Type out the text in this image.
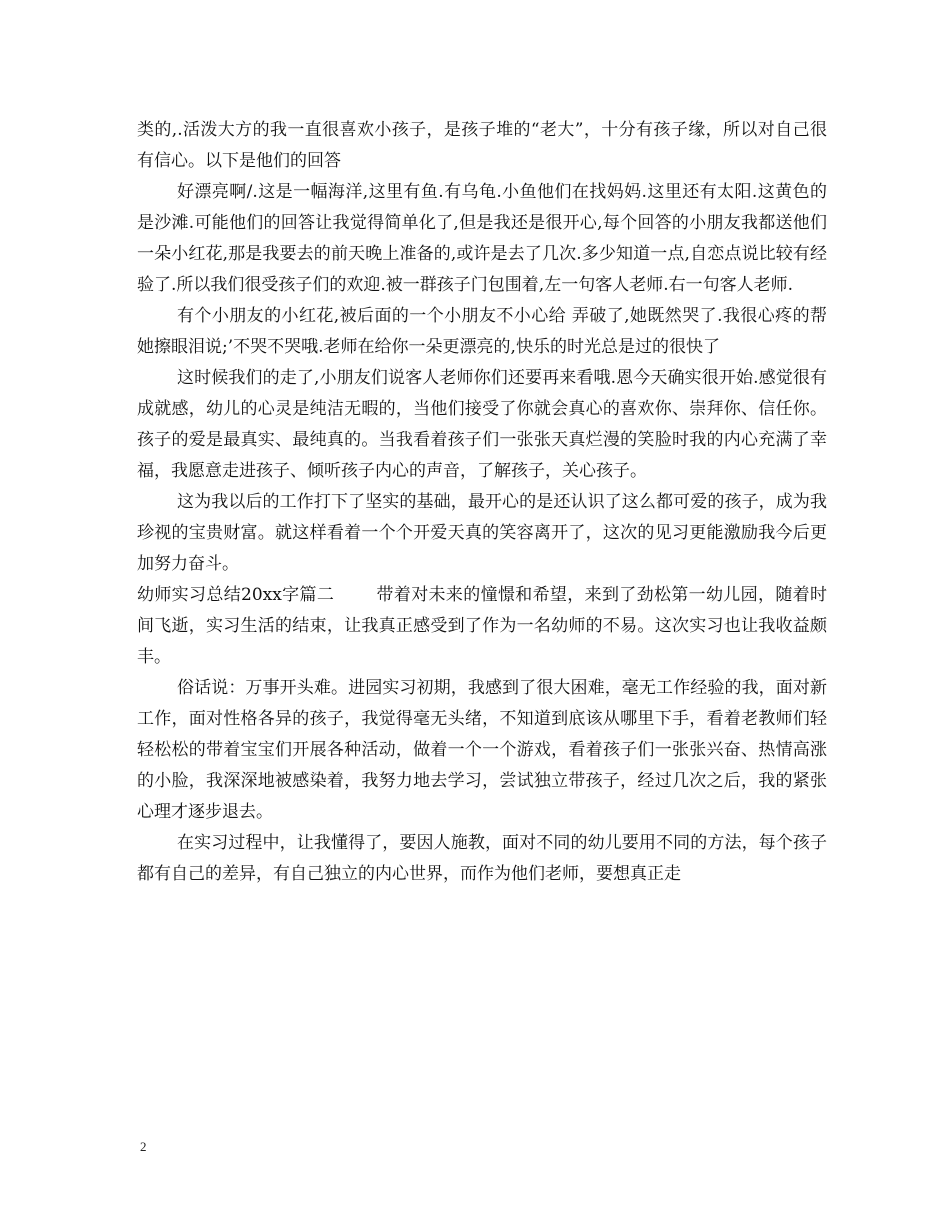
类的,.活泼大方的我一直很喜欢小孩子，是孩子堆的“老大”，十分有孩子缘，所以对自己很有信心。以下是他们的回答

好漂亮啊/.这是一幅海洋,这里有鱼.有乌龟.小鱼他们在找妈妈.这里还有太阳.这黄色的是沙滩.可能他们的回答让我觉得简单化了,但是我还是很开心,每个回答的小朋友我都送他们一朵小红花,那是我要去的前天晚上准备的,或许是去了几次.多少知道一点,自恋点说比较有经验了.所以我们很受孩子们的欢迎.被一群孩子门包围着,左一句客人老师.右一句客人老师.

有个小朋友的小红花,被后面的一个小朋友不小心给 弄破了,她既然哭了.我很心疼的帮她擦眼泪说;’不哭不哭哦.老师在给你一朵更漂亮的,快乐的时光总是过的很快了

这时候我们的走了,小朋友们说客人老师你们还要再来看哦.恩今天确实很开始.感觉很有成就感，幼儿的心灵是纯洁无暇的，当他们接受了你就会真心的喜欢你、崇拜你、信任你。孩子的爱是最真实、最纯真的。当我看着孩子们一张张天真烂漫的笑脸时我的内心充满了幸福，我愿意走进孩子、倾听孩子内心的声音，了解孩子，关心孩子。

这为我以后的工作打下了坚实的基础，最开心的是还认识了这么都可爱的孩子，成为我珍视的宝贵财富。就这样看着一个个开爱天真的笑容离开了，这次的见习更能激励我今后更加努力奋斗。

幼师实习总结20xx字篇二 带着对未来的憧憬和希望，来到了劲松第一幼儿园，随着时间飞逝，实习生活的结束，让我真正感受到了作为一名幼师的不易。这次实习也让我收益颇丰。

俗话说：万事开头难。进园实习初期，我感到了很大困难，毫无工作经验的我，面对新工作，面对性格各异的孩子，我觉得毫无头绪，不知道到底该从哪里下手，看着老教师们轻轻松松的带着宝宝们开展各种活动，做着一个一个游戏，看着孩子们一张张兴奋、热情高涨的小脸，我深深地被感染着，我努力地去学习，尝试独立带孩子，经过几次之后，我的紧张心理才逐步退去。

在实习过程中，让我懂得了，要因人施教，面对不同的幼儿要用不同的方法，每个孩子都有自己的差异，有自己独立的内心世界，而作为他们老师，要想真正走

2
